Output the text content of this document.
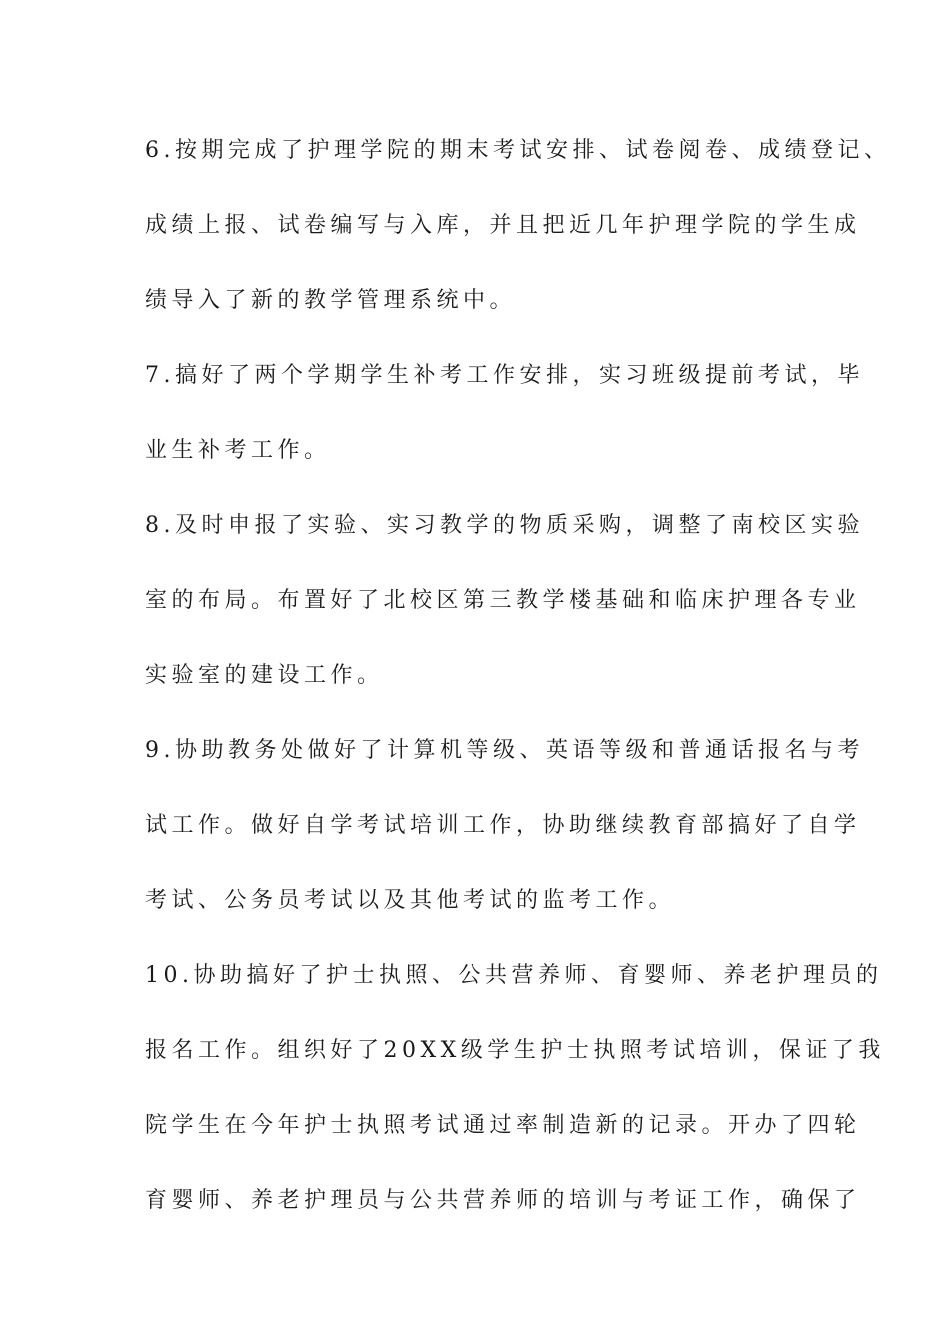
6.按期完成了护理学院的期末考试安排、试卷阅卷、成绩登记、
成绩上报、试卷编写与入库，并且把近几年护理学院的学生成
绩导入了新的教学管理系统中。
7.搞好了两个学期学生补考工作安排，实习班级提前考试，毕
业生补考工作。
8.及时申报了实验、实习教学的物质采购，调整了南校区实验
室的布局。布置好了北校区第三教学楼基础和临床护理各专业
实验室的建设工作。
9.协助教务处做好了计算机等级、英语等级和普通话报名与考
试工作。做好自学考试培训工作，协助继续教育部搞好了自学
考试、公务员考试以及其他考试的监考工作。
10.协助搞好了护士执照、公共营养师、育婴师、养老护理员的
报名工作。组织好了20XX级学生护士执照考试培训，保证了我
院学生在今年护士执照考试通过率制造新的记录。开办了四轮
育婴师、养老护理员与公共营养师的培训与考证工作，确保了
